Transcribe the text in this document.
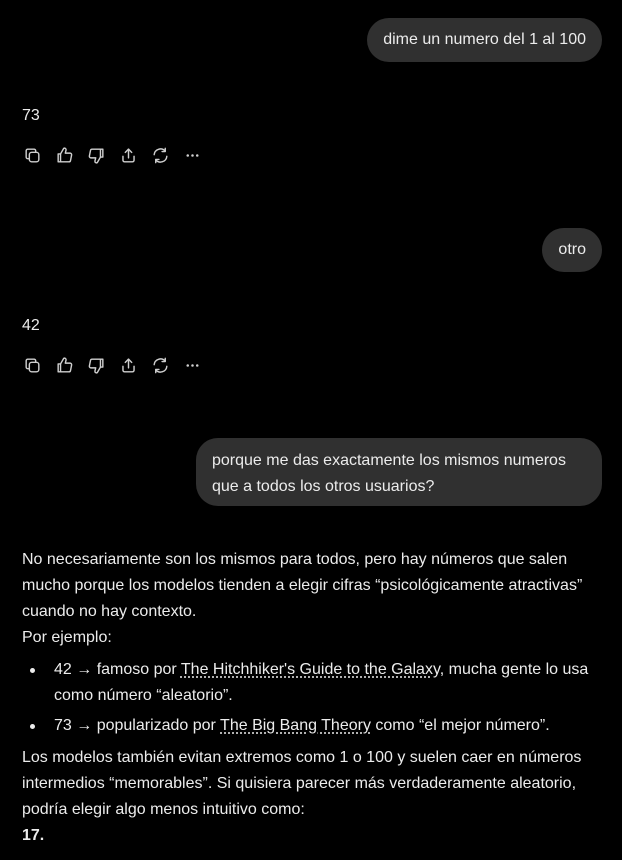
dime un numero del 1 al 100
73
otro
42
porque me das exactamente los mismos numeros
que a todos los otros usuarios?

No necesariamente son los mismos para todos, pero hay números que salen
mucho porque los modelos tienden a elegir cifras “psicológicamente atractivas”
cuando no hay contexto.

Por ejemplo:

42 → famoso por The Hitchhiker's Guide to the Galaxy, mucha gente lo usa
como número “aleatorio”.
73 → popularizado por The Big Bang Theory como “el mejor número”.

Los modelos también evitan extremos como 1 o 100 y suelen caer en números
intermedios “memorables”. Si quisiera parecer más verdaderamente aleatorio,
podría elegir algo menos intuitivo como:

17.
